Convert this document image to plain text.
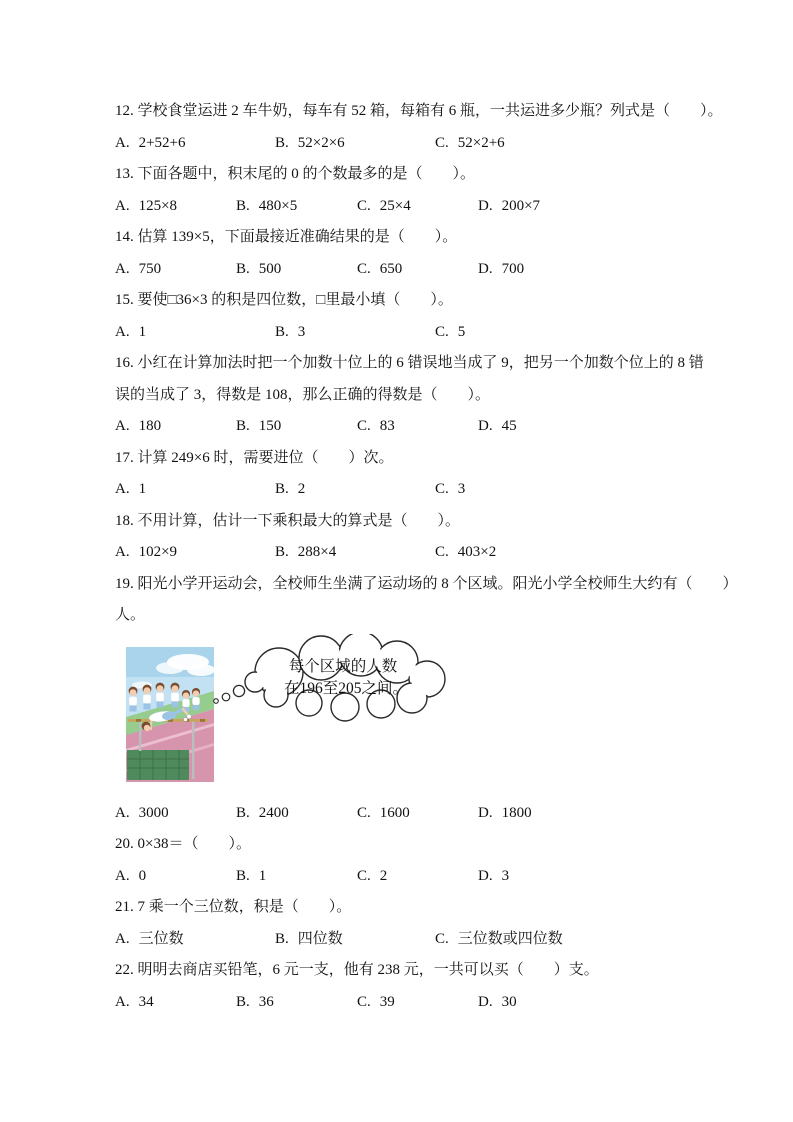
12. 学校食堂运进 2 车牛奶，每车有 52 箱，每箱有 6 瓶，一共运进多少瓶？列式是（　　）。
A. 2+52+6	B. 52×2×6	C. 52×2+6
13. 下面各题中，积末尾的 0 的个数最多的是（　　）。
A. 125×8	B. 480×5	C. 25×4	D. 200×7
14. 估算 139×5，下面最接近准确结果的是（　　）。
A. 750	B. 500	C. 650	D. 700
15. 要使□36×3 的积是四位数，□里最小填（　　）。
A. 1	B. 3	C. 5
16. 小红在计算加法时把一个加数十位上的 6 错误地当成了 9，把另一个加数个位上的 8 错
误的当成了 3，得数是 108，那么正确的得数是（　　）。
A. 180	B. 150	C. 83	D. 45
17. 计算 249×6 时，需要进位（　　）次。
A. 1	B. 2	C. 3
18. 不用计算，估计一下乘积最大的算式是（　　）。
A. 102×9	B. 288×4	C. 403×2
19. 阳光小学开运动会，全校师生坐满了运动场的 8 个区域。阳光小学全校师生大约有（　　）
人。
每个区域的人数
在196至205之间。
A. 3000	B. 2400	C. 1600	D. 1800
20. 0×38＝（　　）。
A. 0	B. 1	C. 2	D. 3
21. 7 乘一个三位数，积是（　　）。
A. 三位数	B. 四位数	C. 三位数或四位数
22. 明明去商店买铅笔，6 元一支，他有 238 元，一共可以买（　　）支。
A. 34	B. 36	C. 39	D. 30
